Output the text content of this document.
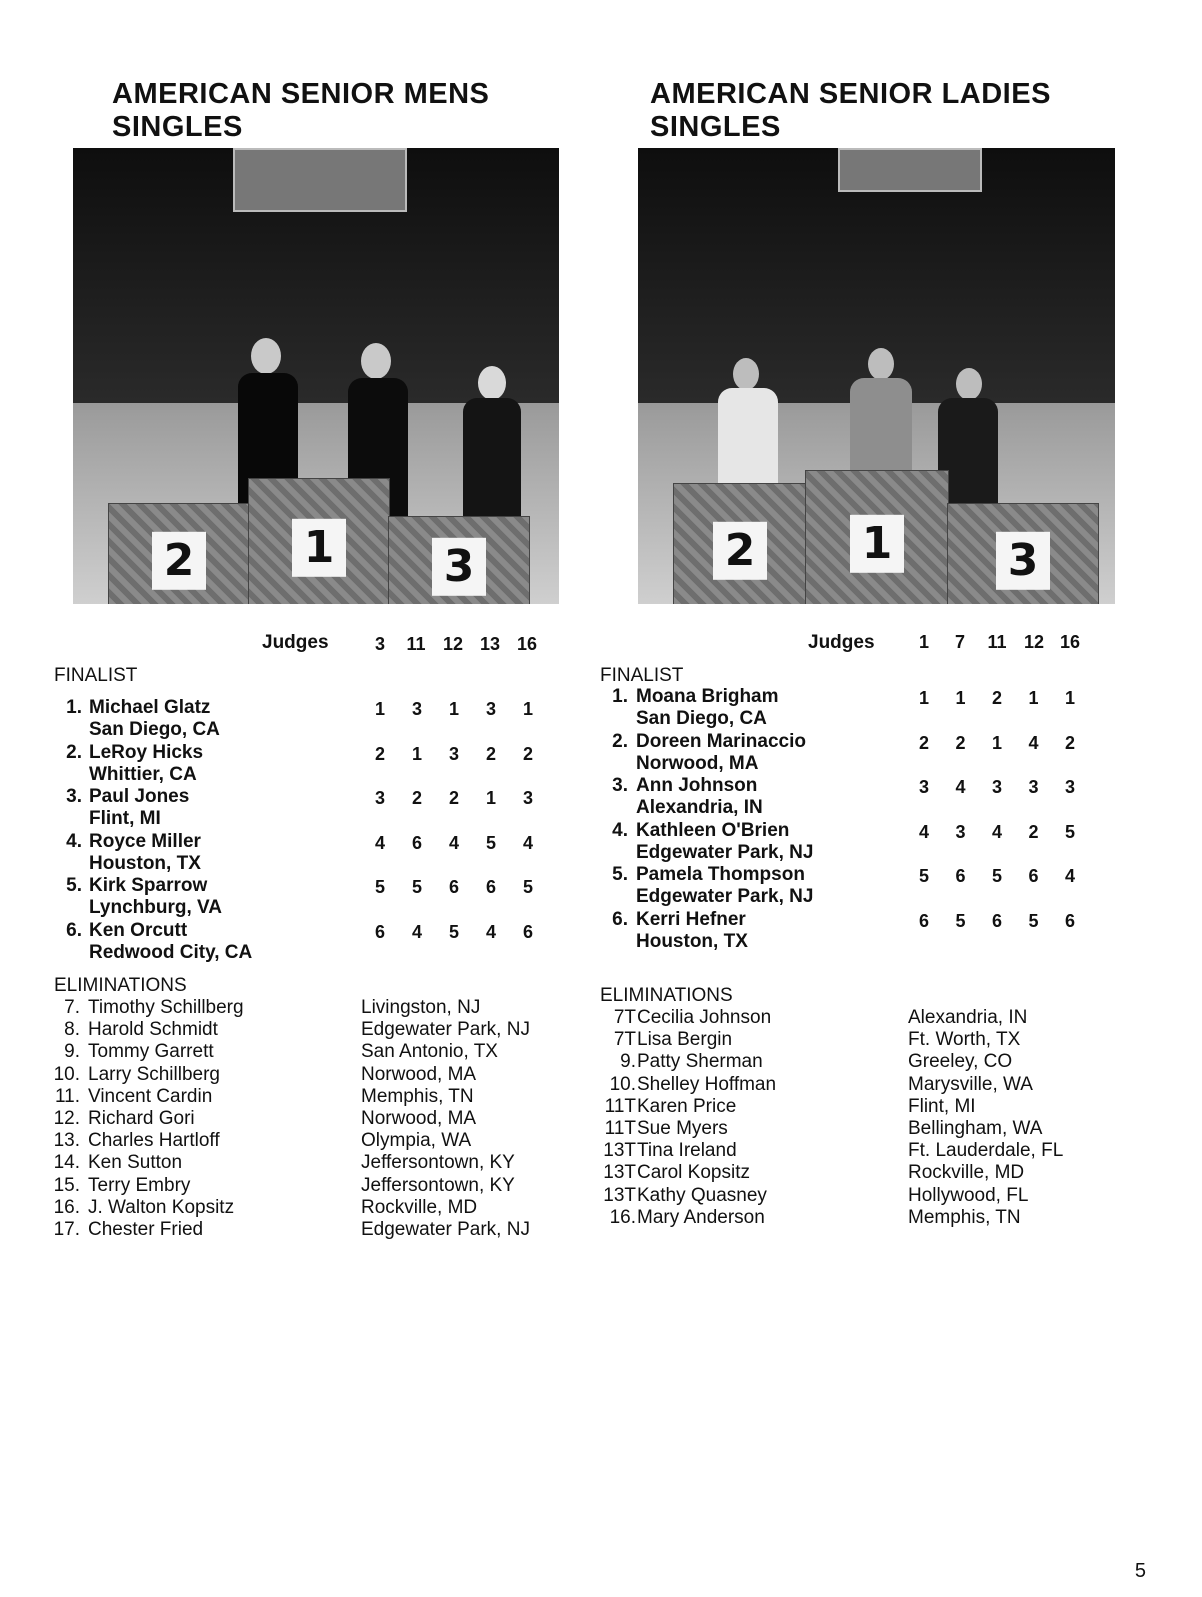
AMERICAN SENIOR MENS
SINGLES
2 1 3
Judges	3	11 12 13 16
FINALIST
1. Michael Glatz
San Diego, CA
1	3	1	3	1
2. LeRoy Hicks
Whittier, CA
2	1	3	2	2
3. Paul Jones
Flint, MI
3	2	2	1	3
4. Royce Miller
Houston, TX
4	6	4	5	4
5. Kirk Sparrow
Lynchburg, VA
5	5	6	6	5
6. Ken Orcutt
Redwood City, CA
6	4	5	4	6
ELIMINATIONS
7. Timothy Schillberg	Livingston, NJ
8. Harold Schmidt	Edgewater Park, NJ
9. Tommy Garrett	San Antonio, TX
10. Larry Schillberg	Norwood, MA
11. Vincent Cardin	Memphis, TN
12. Richard Gori	Norwood, MA
13. Charles Hartloff	Olympia, WA
14. Ken Sutton	Jeffersontown, KY
15. Terry Embry	Jeffersontown, KY
16. J. Walton Kopsitz	Rockville, MD
17. Chester Fried	Edgewater Park, NJ
AMERICAN SENIOR LADIES
SINGLES
2 1	3
Judges	1	7	11 12 16
FINALIST
1. Moana Brigham
San Diego, CA
1	1	2	1	1
2. Doreen Marinaccio
Norwood, MA
2	2	1	4	2
3. Ann Johnson
Alexandria, IN
3	4	3	3	3
4. Kathleen O'Brien
Edgewater Park, NJ
4	3	4	2	5
5. Pamela Thompson
Edgewater Park, NJ
5	6	5	6	4
6. Kerri Hefner
Houston, TX
6	5	6	5	6
ELIMINATIONS
7T Cecilia Johnson	Alexandria, IN
7T Lisa Bergin	Ft. Worth, TX
9. Patty Sherman	Greeley, CO
10. Shelley Hoffman	Marysville, WA
11T Karen Price	Flint, MI
11T Sue Myers	Bellingham, WA
13T Tina Ireland	Ft. Lauderdale, FL
13T Carol Kopsitz	Rockville, MD
13T Kathy Quasney	Hollywood, FL
16. Mary Anderson	Memphis, TN
5
